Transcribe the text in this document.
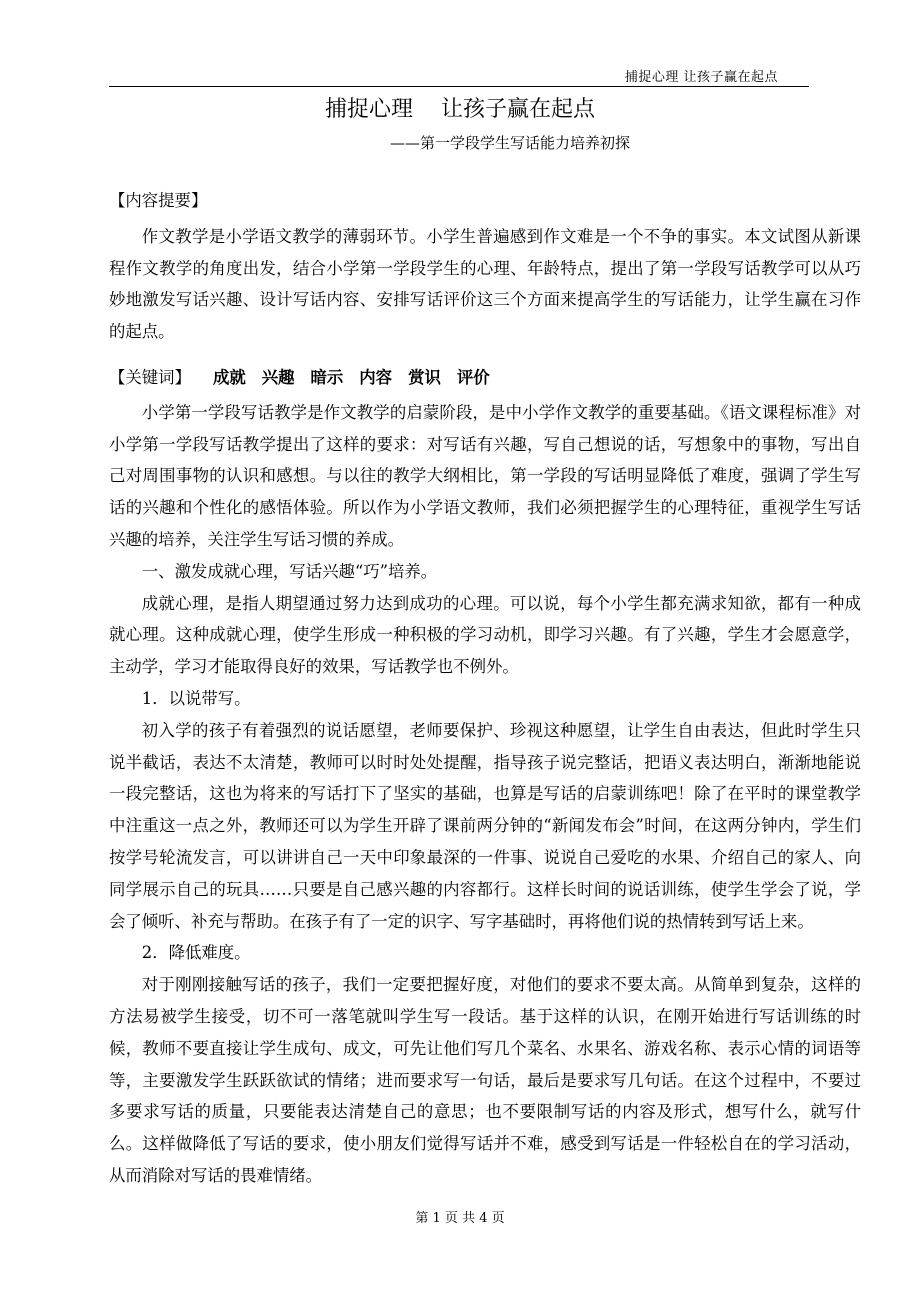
捕捉心理 让孩子赢在起点
捕捉心理    让孩子赢在起点
——第一学段学生写话能力培养初探

【内容提要】

作文教学是小学语文教学的薄弱环节。小学生普遍感到作文难是一个不争的事实。本文试图从新课程作文教学的角度出发，结合小学第一学段学生的心理、年龄特点，提出了第一学段写话教学可以从巧妙地激发写话兴趣、设计写话内容、安排写话评价这三个方面来提高学生的写话能力，让学生赢在习作的起点。

【关键词】 成就 兴趣 暗示 内容 赏识 评价

小学第一学段写话教学是作文教学的启蒙阶段，是中小学作文教学的重要基础。《语文课程标准》对小学第一学段写话教学提出了这样的要求：对写话有兴趣，写自己想说的话，写想象中的事物，写出自己对周围事物的认识和感想。与以往的教学大纲相比，第一学段的写话明显降低了难度，强调了学生写话的兴趣和个性化的感悟体验。所以作为小学语文教师，我们必须把握学生的心理特征，重视学生写话兴趣的培养，关注学生写话习惯的养成。

一、激发成就心理，写话兴趣“巧”培养。

成就心理，是指人期望通过努力达到成功的心理。可以说，每个小学生都充满求知欲，都有一种成就心理。这种成就心理，使学生形成一种积极的学习动机，即学习兴趣。有了兴趣，学生才会愿意学，主动学，学习才能取得良好的效果，写话教学也不例外。

1．以说带写。

初入学的孩子有着强烈的说话愿望，老师要保护、珍视这种愿望，让学生自由表达，但此时学生只说半截话，表达不太清楚，教师可以时时处处提醒，指导孩子说完整话，把语义表达明白，渐渐地能说一段完整话，这也为将来的写话打下了坚实的基础，也算是写话的启蒙训练吧！除了在平时的课堂教学中注重这一点之外，教师还可以为学生开辟了课前两分钟的“新闻发布会”时间，在这两分钟内，学生们按学号轮流发言，可以讲讲自己一天中印象最深的一件事、说说自己爱吃的水果、介绍自己的家人、向同学展示自己的玩具……只要是自己感兴趣的内容都行。这样长时间的说话训练，使学生学会了说，学会了倾听、补充与帮助。在孩子有了一定的识字、写字基础时，再将他们说的热情转到写话上来。

2．降低难度。

对于刚刚接触写话的孩子，我们一定要把握好度，对他们的要求不要太高。从简单到复杂，这样的方法易被学生接受，切不可一落笔就叫学生写一段话。基于这样的认识，在刚开始进行写话训练的时候，教师不要直接让学生成句、成文，可先让他们写几个菜名、水果名、游戏名称、表示心情的词语等等，主要激发学生跃跃欲试的情绪；进而要求写一句话，最后是要求写几句话。在这个过程中，不要过多要求写话的质量，只要能表达清楚自己的意思；也不要限制写话的内容及形式，想写什么，就写什么。这样做降低了写话的要求，使小朋友们觉得写话并不难，感受到写话是一件轻松自在的学习活动，从而消除对写话的畏难情绪。

第 1 页 共 4 页
